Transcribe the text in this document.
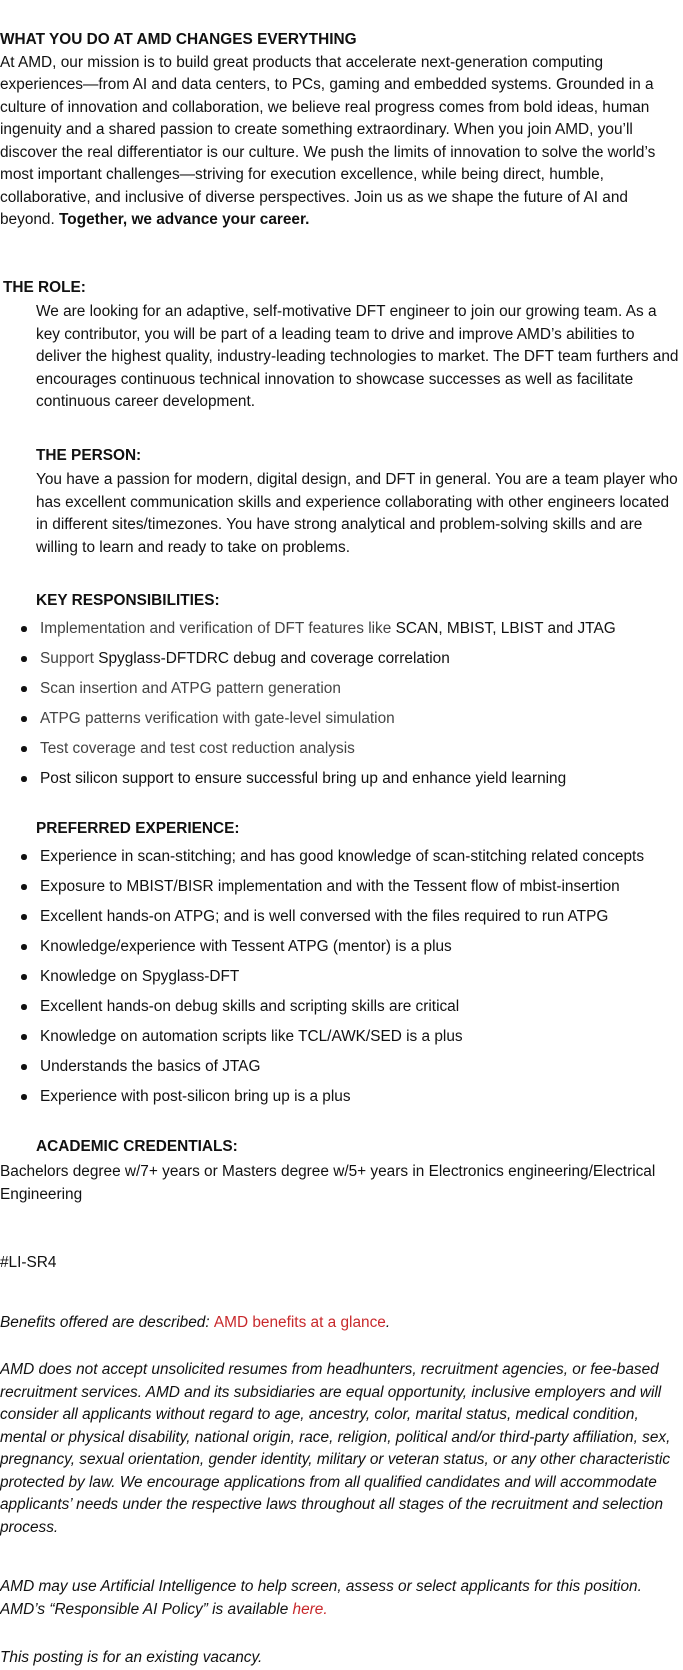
WHAT YOU DO AT AMD CHANGES EVERYTHING

At AMD, our mission is to build great products that accelerate next-generation computing experiences—from AI and data centers, to PCs, gaming and embedded systems. Grounded in a culture of innovation and collaboration, we believe real progress comes from bold ideas, human ingenuity and a shared passion to create something extraordinary. When you join AMD, you’ll discover the real differentiator is our culture. We push the limits of innovation to solve the world’s most important challenges—striving for execution excellence, while being direct, humble, collaborative, and inclusive of diverse perspectives. Join us as we shape the future of AI and beyond. Together, we advance your career.

THE ROLE:

We are looking for an adaptive, self-motivative DFT engineer to join our growing team. As a key contributor, you will be part of a leading team to drive and improve AMD’s abilities to deliver the highest quality, industry-leading technologies to market. The DFT team furthers and encourages continuous technical innovation to showcase successes as well as facilitate continuous career development.

THE PERSON:

You have a passion for modern, digital design, and DFT in general. You are a team player who has excellent communication skills and experience collaborating with other engineers located in different sites/timezones. You have strong analytical and problem-solving skills and are willing to learn and ready to take on problems.

KEY RESPONSIBILITIES:

Implementation and verification of DFT features like SCAN, MBIST, LBIST and JTAG
Support Spyglass-DFTDRC debug and coverage correlation
Scan insertion and ATPG pattern generation
ATPG patterns verification with gate-level simulation
Test coverage and test cost reduction analysis
Post silicon support to ensure successful bring up and enhance yield learning

PREFERRED EXPERIENCE:

Experience in scan-stitching; and has good knowledge of scan-stitching related concepts
Exposure to MBIST/BISR implementation and with the Tessent flow of mbist-insertion
Excellent hands-on ATPG; and is well conversed with the files required to run ATPG
Knowledge/experience with Tessent ATPG (mentor) is a plus
Knowledge on Spyglass-DFT
Excellent hands-on debug skills and scripting skills are critical
Knowledge on automation scripts like TCL/AWK/SED is a plus
Understands the basics of JTAG
Experience with post-silicon bring up is a plus

ACADEMIC CREDENTIALS:

Bachelors degree w/7+ years or Masters degree w/5+ years in Electronics engineering/Electrical Engineering

#LI-SR4

Benefits offered are described: AMD benefits at a glance.

AMD does not accept unsolicited resumes from headhunters, recruitment agencies, or fee-based recruitment services. AMD and its subsidiaries are equal opportunity, inclusive employers and will consider all applicants without regard to age, ancestry, color, marital status, medical condition, mental or physical disability, national origin, race, religion, political and/or third-party affiliation, sex, pregnancy, sexual orientation, gender identity, military or veteran status, or any other characteristic protected by law. We encourage applications from all qualified candidates and will accommodate applicants’ needs under the respective laws throughout all stages of the recruitment and selection process.

AMD may use Artificial Intelligence to help screen, assess or select applicants for this position. AMD’s “Responsible AI Policy” is available here.

This posting is for an existing vacancy.
